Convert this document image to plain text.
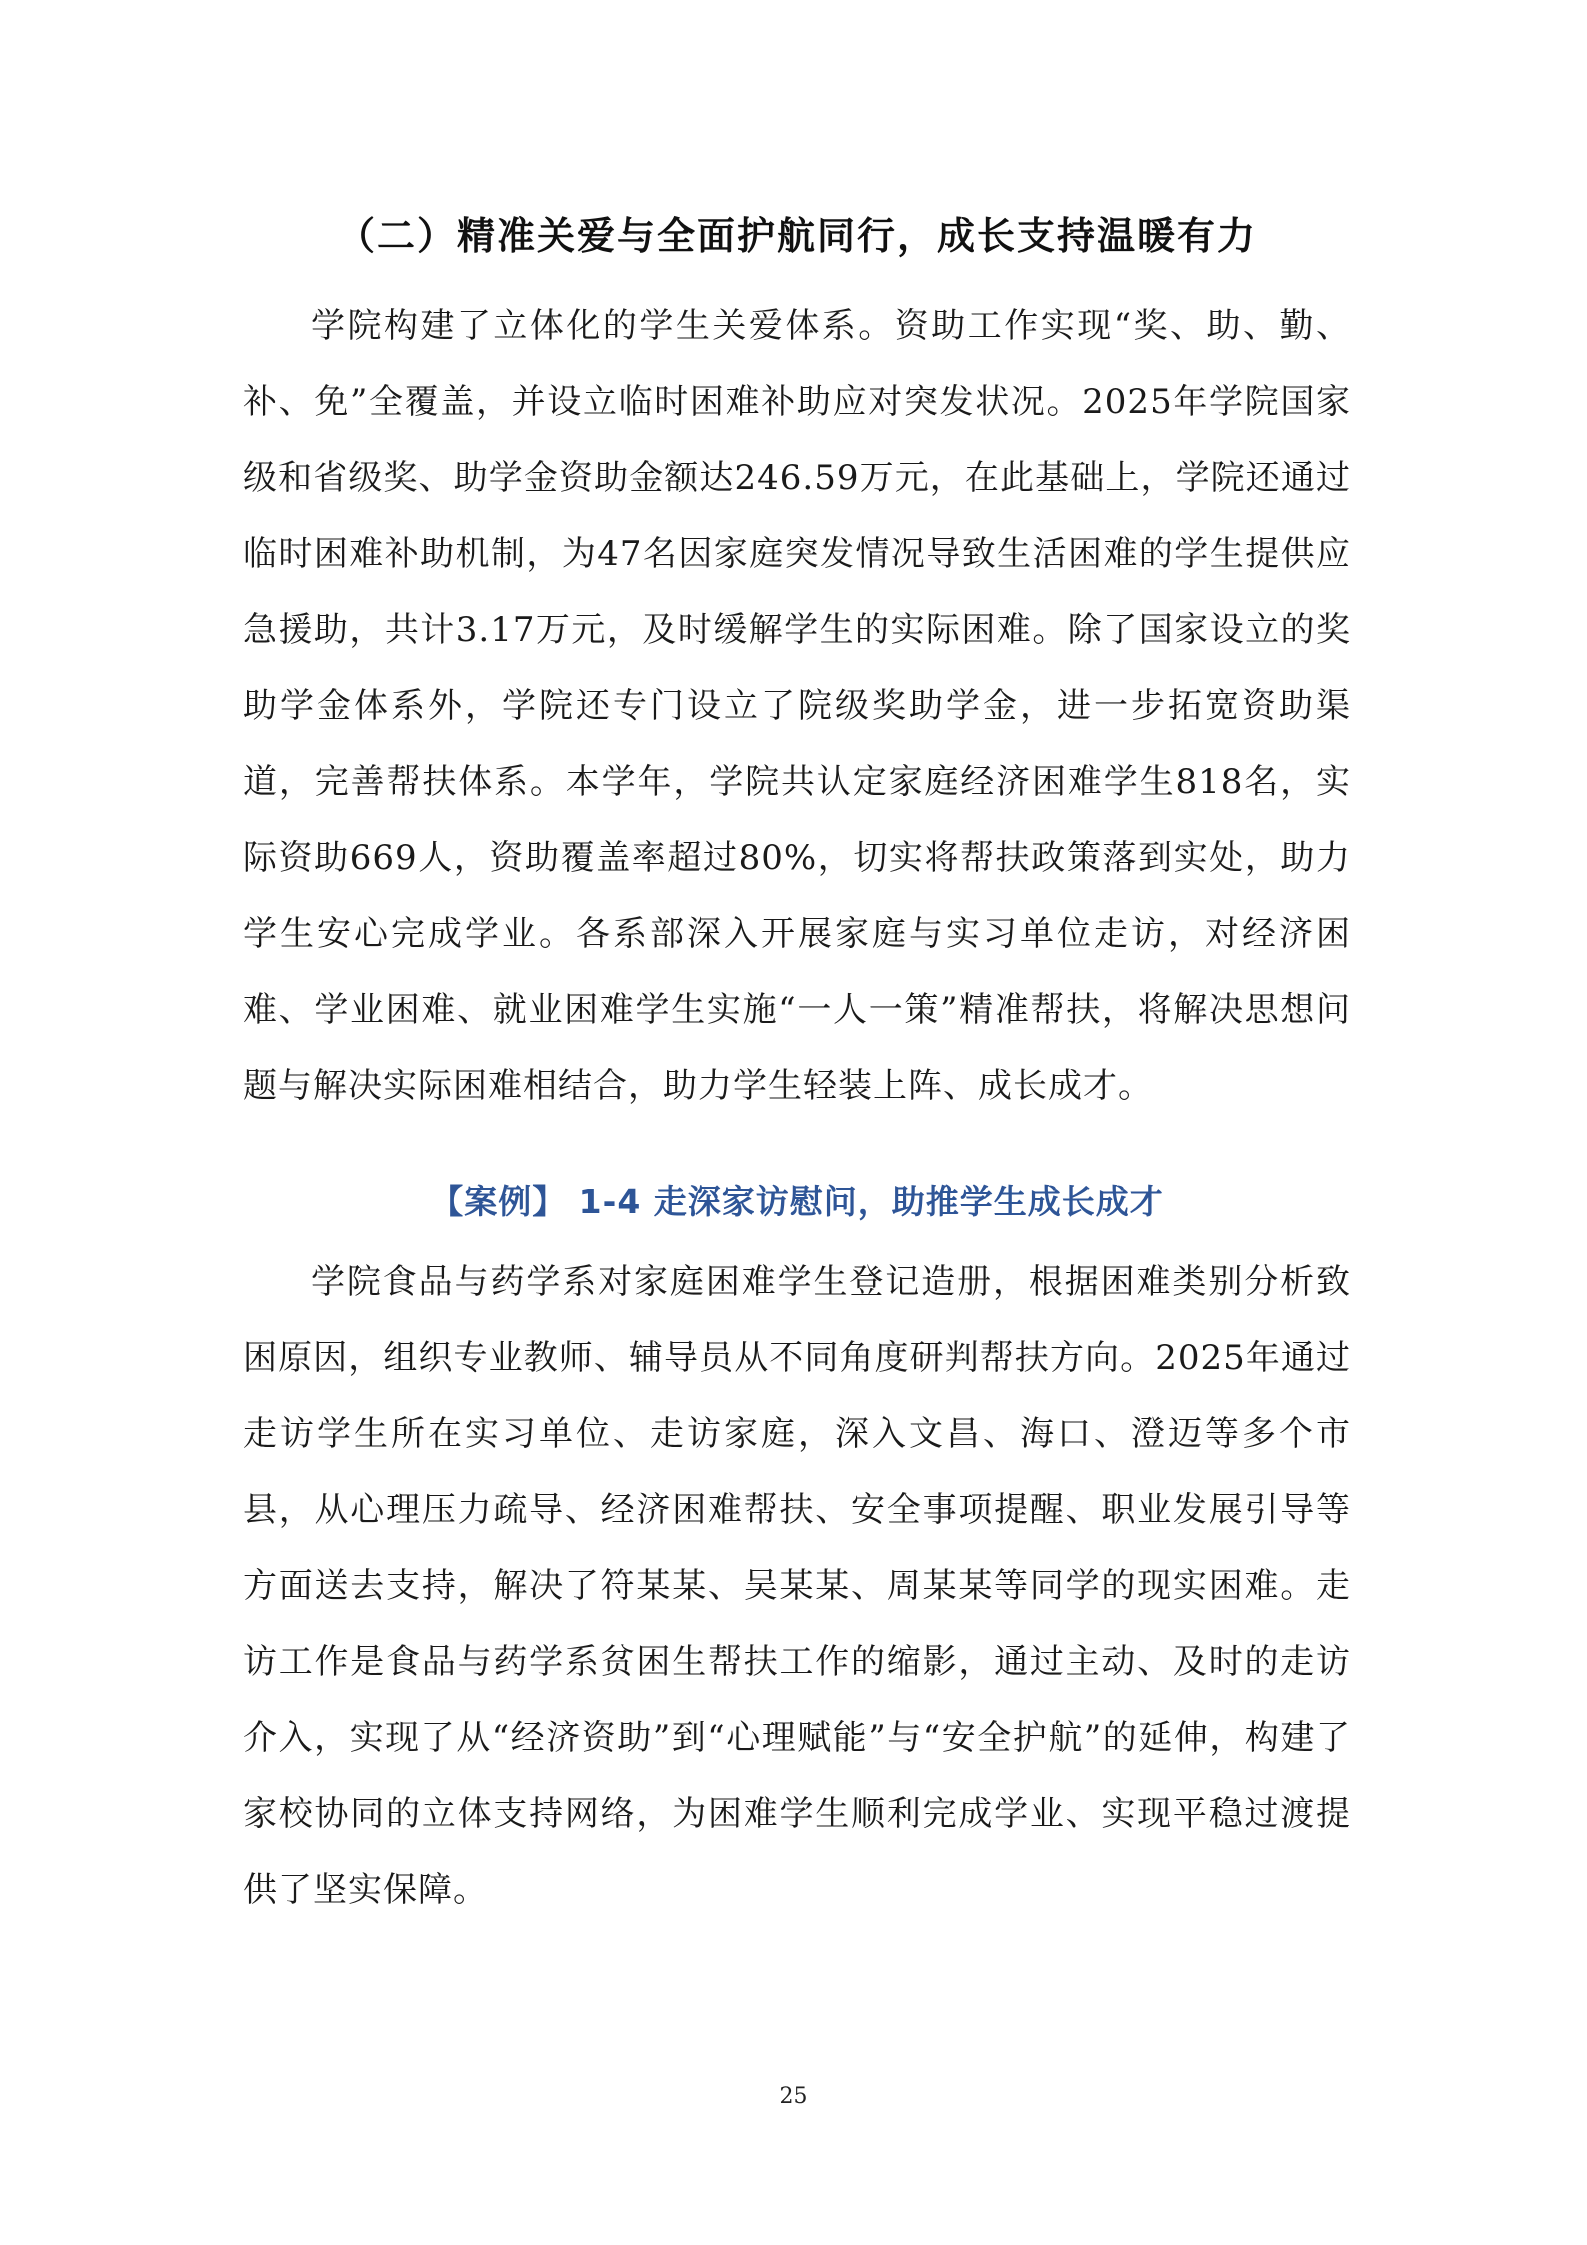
（二）精准关爱与全面护航同行，成长支持温暖有力

学院构建了立体化的学生关爱体系。资助工作实现“奖、助、勤、补、免”全覆盖，并设立临时困难补助应对突发状况。2025年学院国家级和省级奖、助学金资助金额达246.59万元，在此基础上，学院还通过临时困难补助机制，为47名因家庭突发情况导致生活困难的学生提供应急援助，共计3.17万元，及时缓解学生的实际困难。除了国家设立的奖助学金体系外，学院还专门设立了院级奖助学金，进一步拓宽资助渠道，完善帮扶体系。本学年，学院共认定家庭经济困难学生818名，实际资助669人，资助覆盖率超过80%，切实将帮扶政策落到实处，助力学生安心完成学业。各系部深入开展家庭与实习单位走访，对经济困难、学业困难、就业困难学生实施“一人一策”精准帮扶，将解决思想问题与解决实际困难相结合，助力学生轻装上阵、成长成才。

【案例】 1-4 走深家访慰问，助推学生成长成才

学院食品与药学系对家庭困难学生登记造册，根据困难类别分析致困原因，组织专业教师、辅导员从不同角度研判帮扶方向。2025年通过走访学生所在实习单位、走访家庭，深入文昌、海口、澄迈等多个市县，从心理压力疏导、经济困难帮扶、安全事项提醒、职业发展引导等方面送去支持，解决了符某某、吴某某、周某某等同学的现实困难。走访工作是食品与药学系贫困生帮扶工作的缩影，通过主动、及时的走访介入，实现了从“经济资助”到“心理赋能”与“安全护航”的延伸，构建了家校协同的立体支持网络，为困难学生顺利完成学业、实现平稳过渡提供了坚实保障。

25
